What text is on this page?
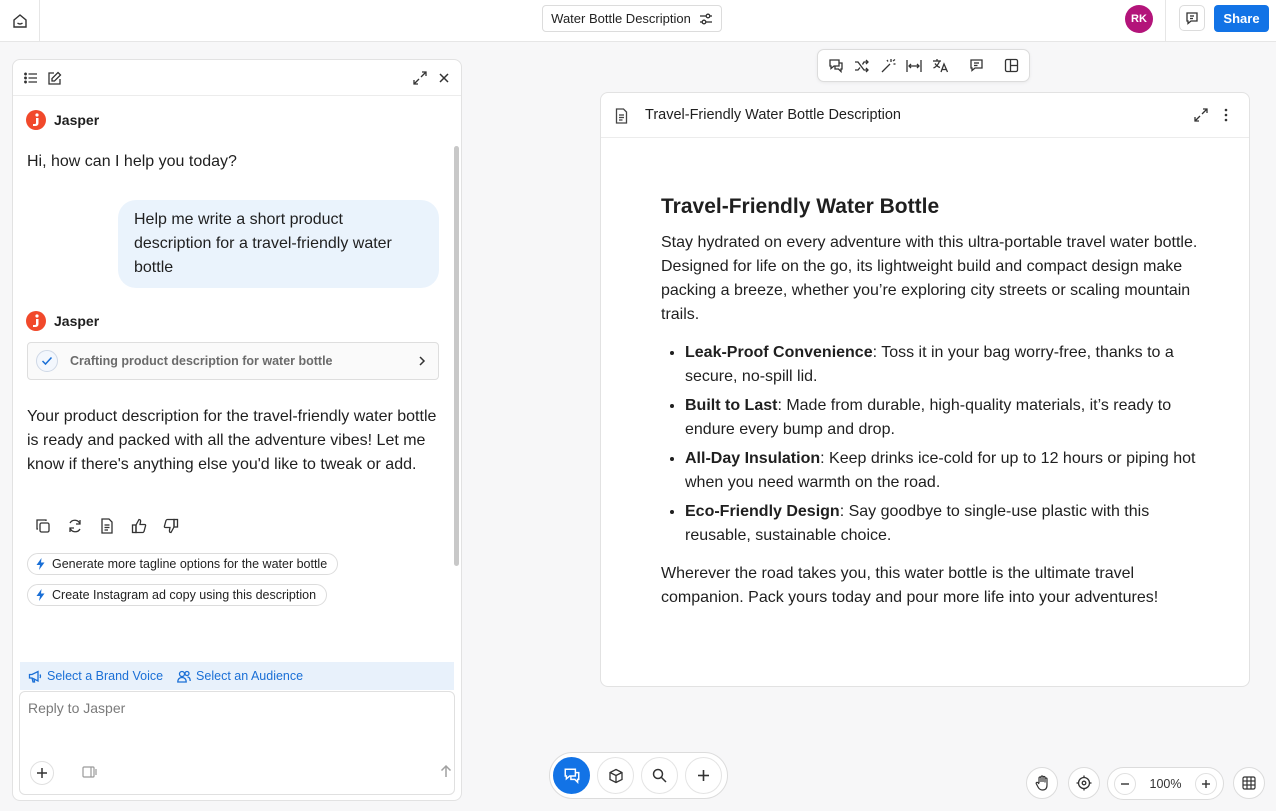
Water Bottle Description	RK	Share
Jasper
Hi, how can I help you today?
Help me write a short product description for a travel-friendly water bottle
Jasper
Crafting product description for water bottle
Your product description for the travel-friendly water bottle is ready and packed with all the adventure vibes! Let me know if there's anything else you'd like to tweak or add.
Generate more tagline options for the water bottle
Create Instagram ad copy using this description
Select a Brand Voice	Select an Audience
Reply to Jasper
Travel-Friendly Water Bottle Description
Travel-Friendly Water Bottle
Stay hydrated on every adventure with this ultra-portable travel water bottle. Designed for life on the go, its lightweight build and compact design make packing a breeze, whether you’re exploring city streets or scaling mountain trails.
• Leak-Proof Convenience: Toss it in your bag worry-free, thanks to a secure, no-spill lid.
• Built to Last: Made from durable, high-quality materials, it’s ready to endure every bump and drop.
• All-Day Insulation: Keep drinks ice-cold for up to 12 hours or piping hot when you need warmth on the road.
• Eco-Friendly Design: Say goodbye to single-use plastic with this reusable, sustainable choice.
Wherever the road takes you, this water bottle is the ultimate travel companion. Pack yours today and pour more life into your adventures!
100%
